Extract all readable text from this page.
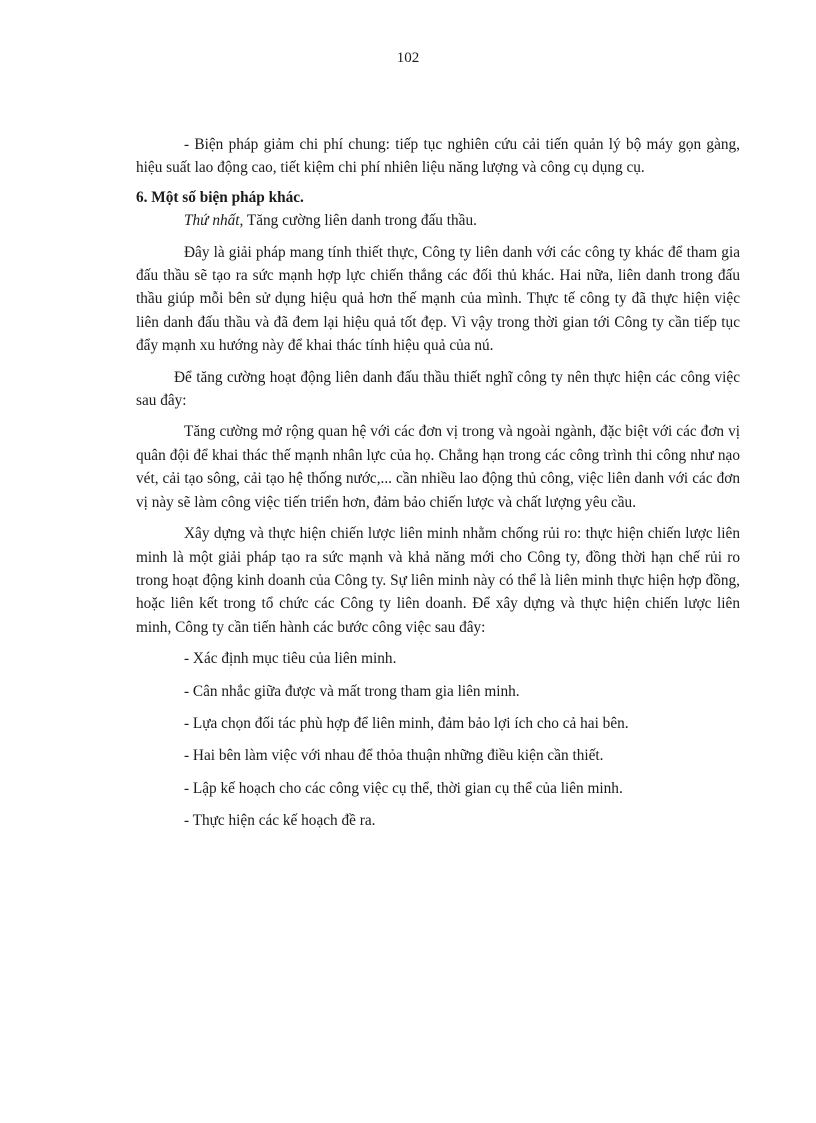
102

- Biện pháp giảm chi phí chung: tiếp tục nghiên cứu cải tiến quản lý bộ máy gọn gàng, hiệu suất lao động cao, tiết kiệm chi phí nhiên liệu năng lượng và công cụ dụng cụ.

6. Một số biện pháp khác.

Thứ nhất, Tăng cường liên danh trong đấu thầu.

Đây là giải pháp mang tính thiết thực, Công ty liên danh với các công ty khác để tham gia đấu thầu sẽ tạo ra sức mạnh hợp lực chiến thắng các đối thủ khác. Hai nữa, liên danh trong đấu thầu giúp mỗi bên sử dụng hiệu quả hơn thế mạnh của mình. Thực tế công ty đã thực hiện việc liên danh đấu thầu và đã đem lại hiệu quả tốt đẹp. Vì vậy trong thời gian tới Công ty cần tiếp tục đẩy mạnh xu hướng này để khai thác tính hiệu quả của nú.

Để tăng cường hoạt động liên danh đấu thầu thiết nghĩ công ty nên thực hiện các công việc sau đây:

Tăng cường mở rộng quan hệ với các đơn vị trong và ngoài ngành, đặc biệt với các đơn vị quân đội để khai thác thế mạnh nhân lực của họ. Chẳng hạn trong các công trình thi công như nạo vét, cải tạo sông, cải tạo hệ thống nước,... cần nhiều lao động thủ công, việc liên danh với các đơn vị này sẽ làm công việc tiến triển hơn, đảm bảo chiến lược và chất lượng yêu cầu.

Xây dựng và thực hiện chiến lược liên minh nhằm chống rủi ro: thực hiện chiến lược liên minh là một giải pháp tạo ra sức mạnh và khả năng mới cho Công ty, đồng thời hạn chế rủi ro trong hoạt động kinh doanh của Công ty. Sự liên minh này có thể là liên minh thực hiện hợp đồng, hoặc liên kết trong tổ chức các Công ty liên doanh. Để xây dựng và thực hiện chiến lược liên minh, Công ty cần tiến hành các bước công việc sau đây:

- Xác định mục tiêu của liên minh.

- Cân nhắc giữa được và mất trong tham gia liên minh.

- Lựa chọn đối tác phù hợp để liên minh, đảm bảo lợi ích cho cả hai bên.

- Hai bên làm việc với nhau để thỏa thuận những điều kiện cần thiết.

- Lập kế hoạch cho các công việc cụ thể, thời gian cụ thể của liên minh.

- Thực hiện các kế hoạch đề ra.
